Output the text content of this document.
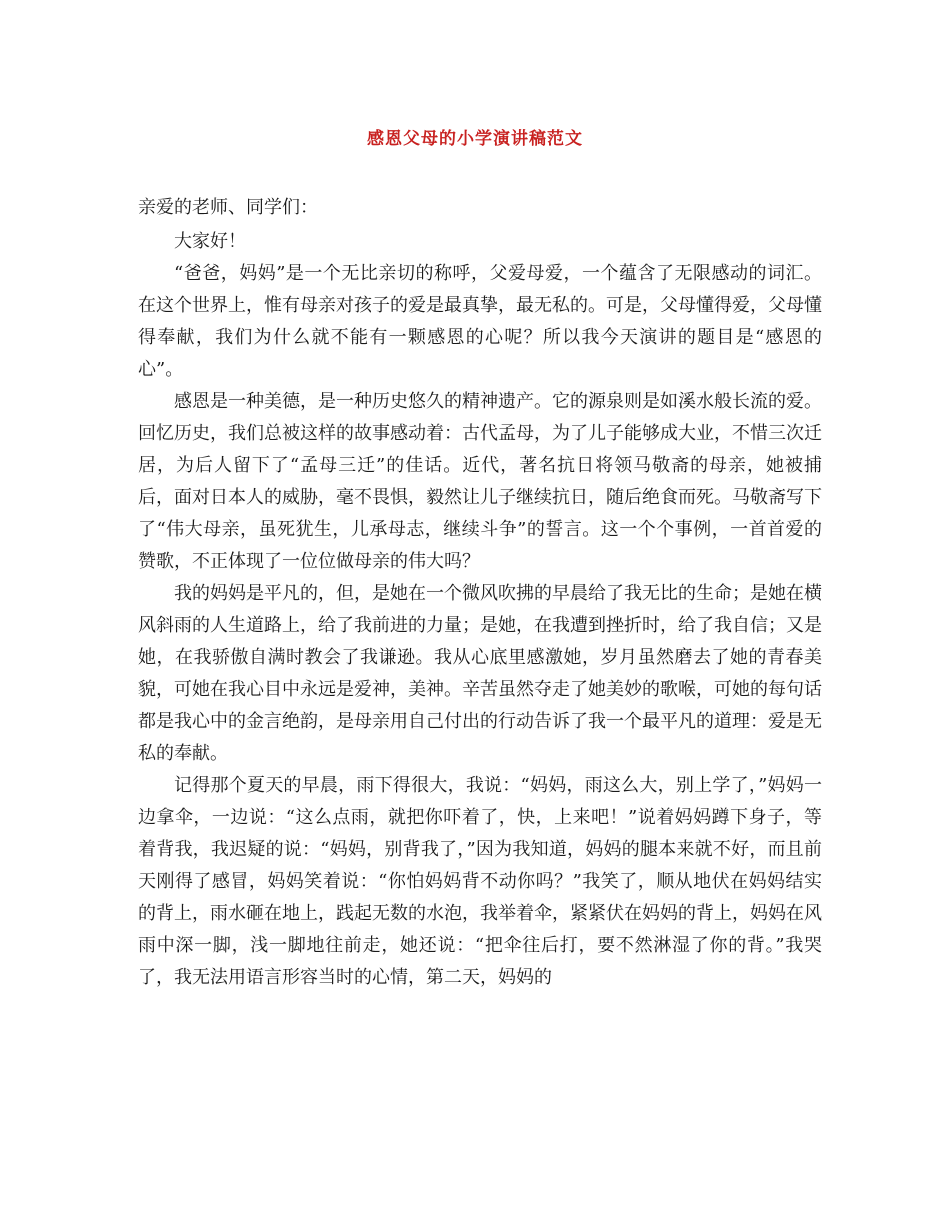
感恩父母的小学演讲稿范文

亲爱的老师、同学们：

大家好！

“爸爸，妈妈”是一个无比亲切的称呼，父爱母爱，一个蕴含了无限感动的词汇。在这个世界上，惟有母亲对孩子的爱是最真挚，最无私的。可是，父母懂得爱，父母懂得奉献，我们为什么就不能有一颗感恩的心呢？所以我今天演讲的题目是“感恩的心”。

感恩是一种美德，是一种历史悠久的精神遗产。它的源泉则是如溪水般长流的爱。回忆历史，我们总被这样的故事感动着：古代孟母，为了儿子能够成大业，不惜三次迁居，为后人留下了“孟母三迁”的佳话。近代，著名抗日将领马敬斋的母亲，她被捕后，面对日本人的威胁，毫不畏惧，毅然让儿子继续抗日，随后绝食而死。马敬斋写下了“伟大母亲，虽死犹生，儿承母志，继续斗争”的誓言。这一个个事例，一首首爱的赞歌，不正体现了一位位做母亲的伟大吗？

我的妈妈是平凡的，但，是她在一个微风吹拂的早晨给了我无比的生命；是她在横风斜雨的人生道路上，给了我前进的力量；是她，在我遭到挫折时，给了我自信；又是她，在我骄傲自满时教会了我谦逊。我从心底里感激她，岁月虽然磨去了她的青春美貌，可她在我心目中永远是爱神，美神。辛苦虽然夺走了她美妙的歌喉，可她的每句话都是我心中的金言绝韵，是母亲用自己付出的行动告诉了我一个最平凡的道理：爱是无私的奉献。

记得那个夏天的早晨，雨下得很大，我说：“妈妈，雨这么大，别上学了，”妈妈一边拿伞，一边说：“这么点雨，就把你吓着了，快，上来吧！”说着妈妈蹲下身子，等着背我，我迟疑的说：“妈妈，别背我了，”因为我知道，妈妈的腿本来就不好，而且前天刚得了感冒，妈妈笑着说：“你怕妈妈背不动你吗？”我笑了，顺从地伏在妈妈结实的背上，雨水砸在地上，践起无数的水泡，我举着伞，紧紧伏在妈妈的背上，妈妈在风雨中深一脚，浅一脚地往前走，她还说：“把伞往后打，要不然淋湿了你的背。”我哭了，我无法用语言形容当时的心情，第二天，妈妈的
